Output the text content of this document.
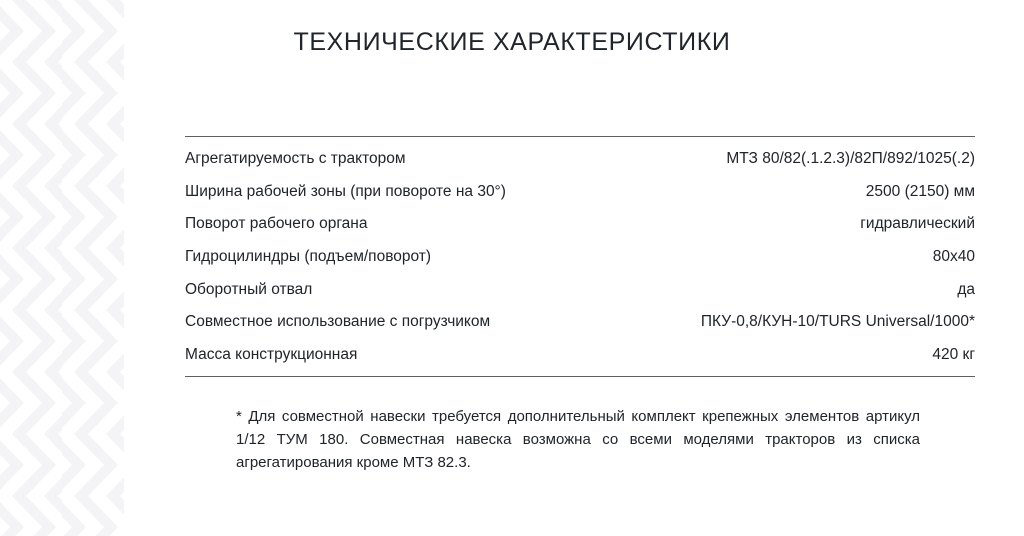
ТЕХНИЧЕСКИЕ ХАРАКТЕРИСТИКИ
Агрегатируемость с трактором	МТЗ 80/82(.1.2.3)/82П/892/1025(.2)
Ширина рабочей зоны (при повороте на 30°)	2500 (2150) мм
Поворот рабочего органа	гидравлический
Гидроцилиндры (подъем/поворот)	80х40
Оборотный отвал	да
Совместное использование с погрузчиком	ПКУ-0,8/КУН-10/TURS Universal/1000*
Масса конструкционная	420 кг

* Для совместной навески требуется дополнительный комплект крепежных элементов артикул 1/12 ТУМ 180. Совместная навеска возможна со всеми моделями тракторов из списка агрегатирования кроме МТЗ 82.3.
